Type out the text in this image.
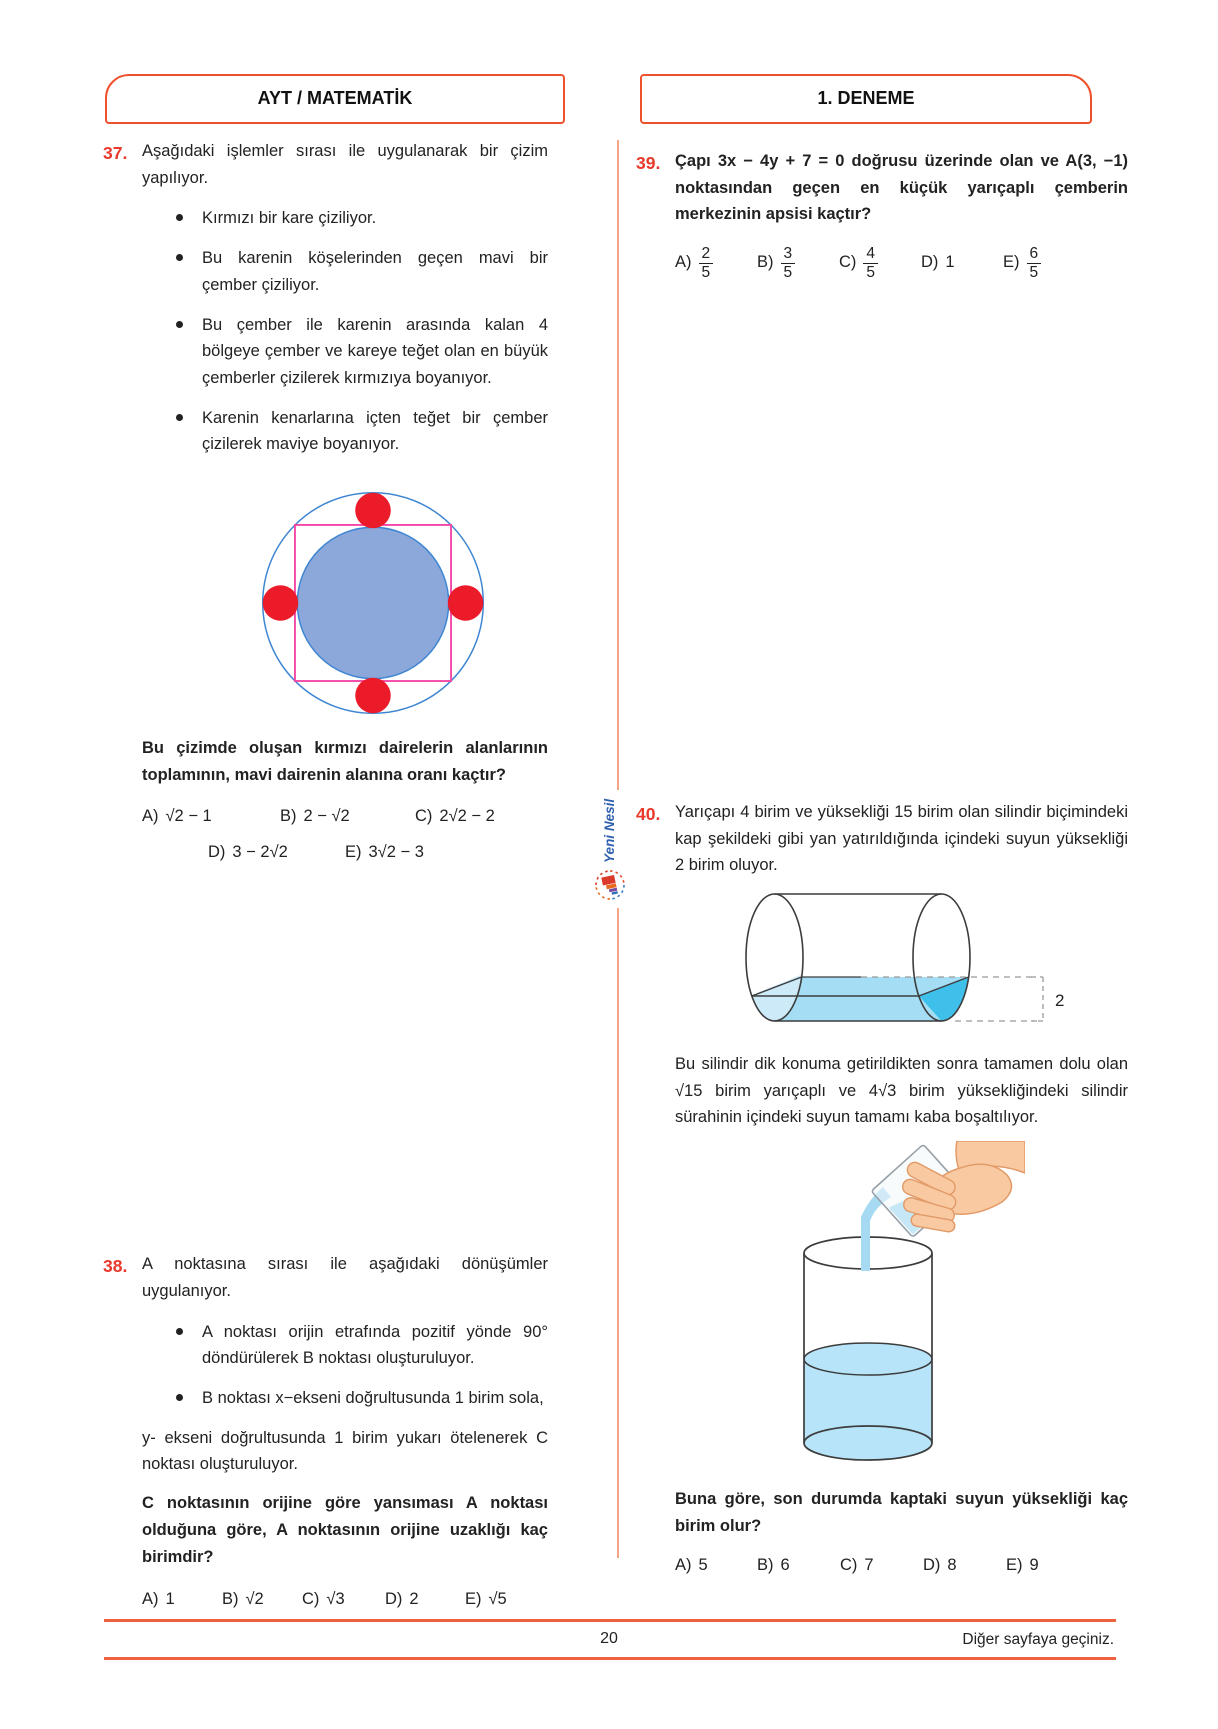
AYT / MATEMATİK	1. DENEME
Yeni Nesil
37. Aşağıdaki işlemler sırası ile uygulanarak bir çizim yapılıyor.

Kırmızı bir kare çiziliyor.
Bu karenin köşelerinden geçen mavi bir çember çiziliyor.
Bu çember ile karenin arasında kalan 4 bölgeye çember ve kareye teğet olan en büyük çemberler çizilerek kırmızıya boyanıyor.
Karenin kenarlarına içten teğet bir çember çizilerek maviye boyanıyor.

Bu çizimde oluşan kırmızı dairelerin alanlarının toplamının, mavi dairenin alanına oranı kaçtır?

A) √2 − 1	B) 2 − √2	C) 2√2 − 2
D) 3 − 2√2	E) 3√2 − 3
38. A noktasına sırası ile aşağıdaki dönüşümler uygulanıyor.

A noktası orijin etrafında pozitif yönde 90° döndürülerek B noktası oluşturuluyor.
B noktası x−ekseni doğrultusunda 1 birim sola,

y- ekseni doğrultusunda 1 birim yukarı ötelenerek C noktası oluşturuluyor.

C noktasının orijine göre yansıması A noktası olduğuna göre, A noktasının orijine uzaklığı kaç birimdir?

A) 1	B) √2 C) √3 D) 2	E) √5
39. Çapı 3x − 4y + 7 = 0 doğrusu üzerinde olan ve A(3, −1) noktasından geçen en küçük yarıçaplı çemberin merkezinin apsisi kaçtır?

$A) \frac{2}{5}$	$B) \frac{3}{5}$	$C) \frac{4}{5}$	D) 1	$E) \frac{6}{5}$
40. Yarıçapı 4 birim ve yüksekliği 15 birim olan silindir biçimindeki kap şekildeki gibi yan yatırıldığında içindeki suyun yüksekliği 2 birim oluyor.

2

Bu silindir dik konuma getirildikten sonra tamamen dolu olan √15 birim yarıçaplı ve 4√3 birim yüksekliğindeki silindir sürahinin içindeki suyun tamamı kaba boşaltılıyor.

Buna göre, son durumda kaptaki suyun yüksekliği kaç birim olur?

A) 5	B) 6	C) 7	D) 8	E) 9
20	Diğer sayfaya geçiniz.
